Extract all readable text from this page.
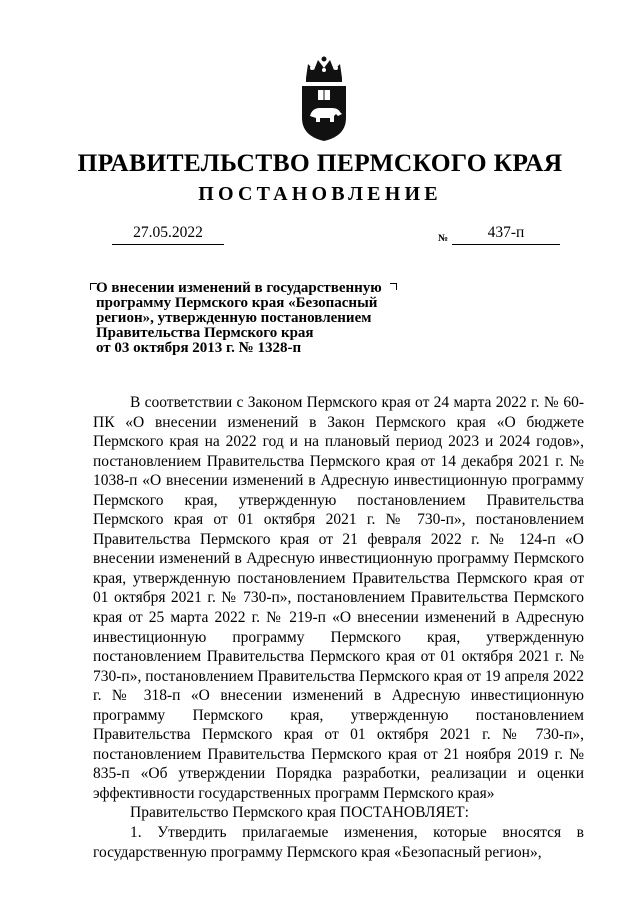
ПРАВИТЕЛЬСТВО ПЕРМСКОГО КРАЯ
ПОСТАНОВЛЕНИЕ
27.05.2022	№	437-п
О внесении изменений в государственную
программу Пермского края «Безопасный
регион», утвержденную постановлением
Правительства Пермского края
от 03 октября 2013 г. № 1328-п

В соответствии с Законом Пермского края от 24 марта 2022 г. № 60-ПК «О внесении изменений в Закон Пермского края «О бюджете Пермского края на 2022 год и на плановый период 2023 и 2024 годов», постановлением Правительства Пермского края от 14 декабря 2021 г. № 1038-п «О внесении изменений в Адресную инвестиционную программу Пермского края, утвержденную постановлением Правительства Пермского края от 01 октября 2021 г. № 730-п», постановлением Правительства Пермского края от 21 февраля 2022 г. № 124-п «О внесении изменений в Адресную инвестиционную программу Пермского края, утвержденную постановлением Правительства Пермского края от 01 октября 2021 г. № 730-п», постановлением Правительства Пермского края от 25 марта 2022 г. № 219-п «О внесении изменений в Адресную инвестиционную программу Пермского края, утвержденную постановлением Правительства Пермского края от 01 октября 2021 г. № 730-п», постановлением Правительства Пермского края от 19 апреля 2022 г. № 318-п «О внесении изменений в Адресную инвестиционную программу Пермского края, утвержденную постановлением Правительства Пермского края от 01 октября 2021 г. № 730-п», постановлением Правительства Пермского края от 21 ноября 2019 г. № 835-п «Об утверждении Порядка разработки, реализации и оценки эффективности государственных программ Пермского края»

Правительство Пермского края ПОСТАНОВЛЯЕТ:

1. Утвердить прилагаемые изменения, которые вносятся в государственную программу Пермского края «Безопасный регион»,
